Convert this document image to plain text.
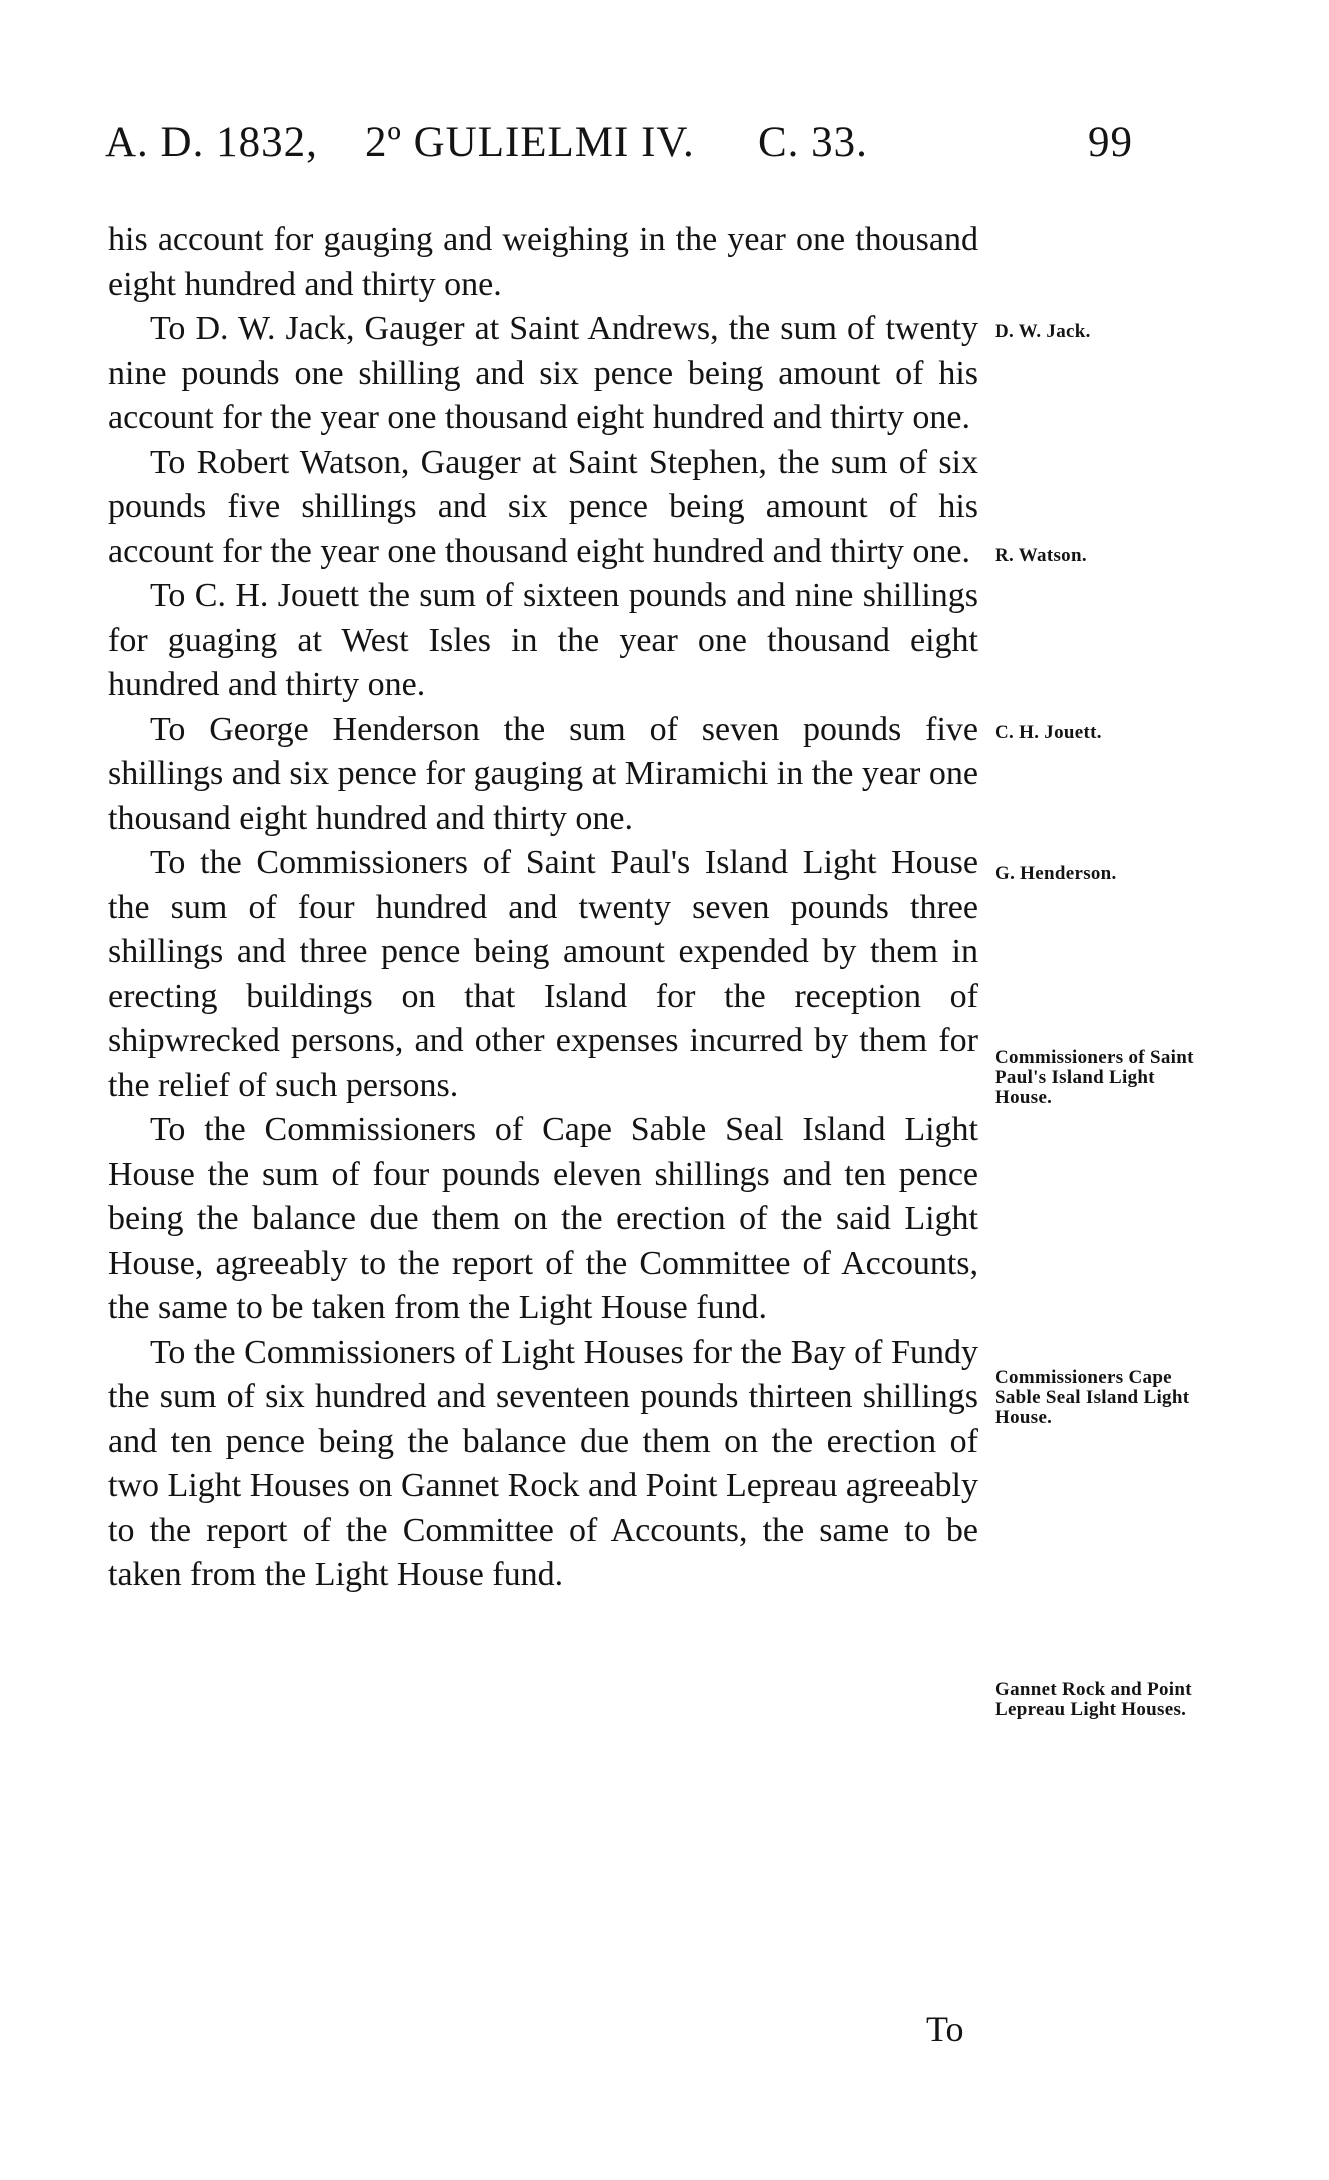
A. D. 1832, 2º GULIELMI IV. C. 33.	99

his account for gauging and weighing in the year one thousand eight hundred and thirty one.

To D. W. Jack, Gauger at Saint Andrews, the sum of twenty nine pounds one shilling and six pence being amount of his account for the year one thousand eight hundred and thirty one.

To Robert Watson, Gauger at Saint Stephen, the sum of six pounds five shillings and six pence being amount of his account for the year one thousand eight hundred and thirty one.

To C. H. Jouett the sum of sixteen pounds and nine shillings for guaging at West Isles in the year one thousand eight hundred and thirty one.

To George Henderson the sum of seven pounds five shillings and six pence for gauging at Miramichi in the year one thousand eight hundred and thirty one.

To the Commissioners of Saint Paul's Island Light House the sum of four hundred and twenty seven pounds three shillings and three pence being amount expended by them in erecting buildings on that Island for the reception of shipwrecked persons, and other expenses incurred by them for the relief of such persons.

To the Commissioners of Cape Sable Seal Island Light House the sum of four pounds eleven shillings and ten pence being the balance due them on the erection of the said Light House, agreeably to the report of the Committee of Accounts, the same to be taken from the Light House fund.

To the Commissioners of Light Houses for the Bay of Fundy the sum of six hundred and seventeen pounds thirteen shillings and ten pence being the balance due them on the erection of two Light Houses on Gannet Rock and Point Lepreau agreeably to the report of the Committee of Accounts, the same to be taken from the Light House fund.

D. W. Jack.
R. Watson.
C. H. Jouett.
G. Henderson.
Commissioners of Saint Paul's Island Light House.
Commissioners Cape Sable Seal Island Light House.
Gannet Rock and Point Lepreau Light Houses.
To
